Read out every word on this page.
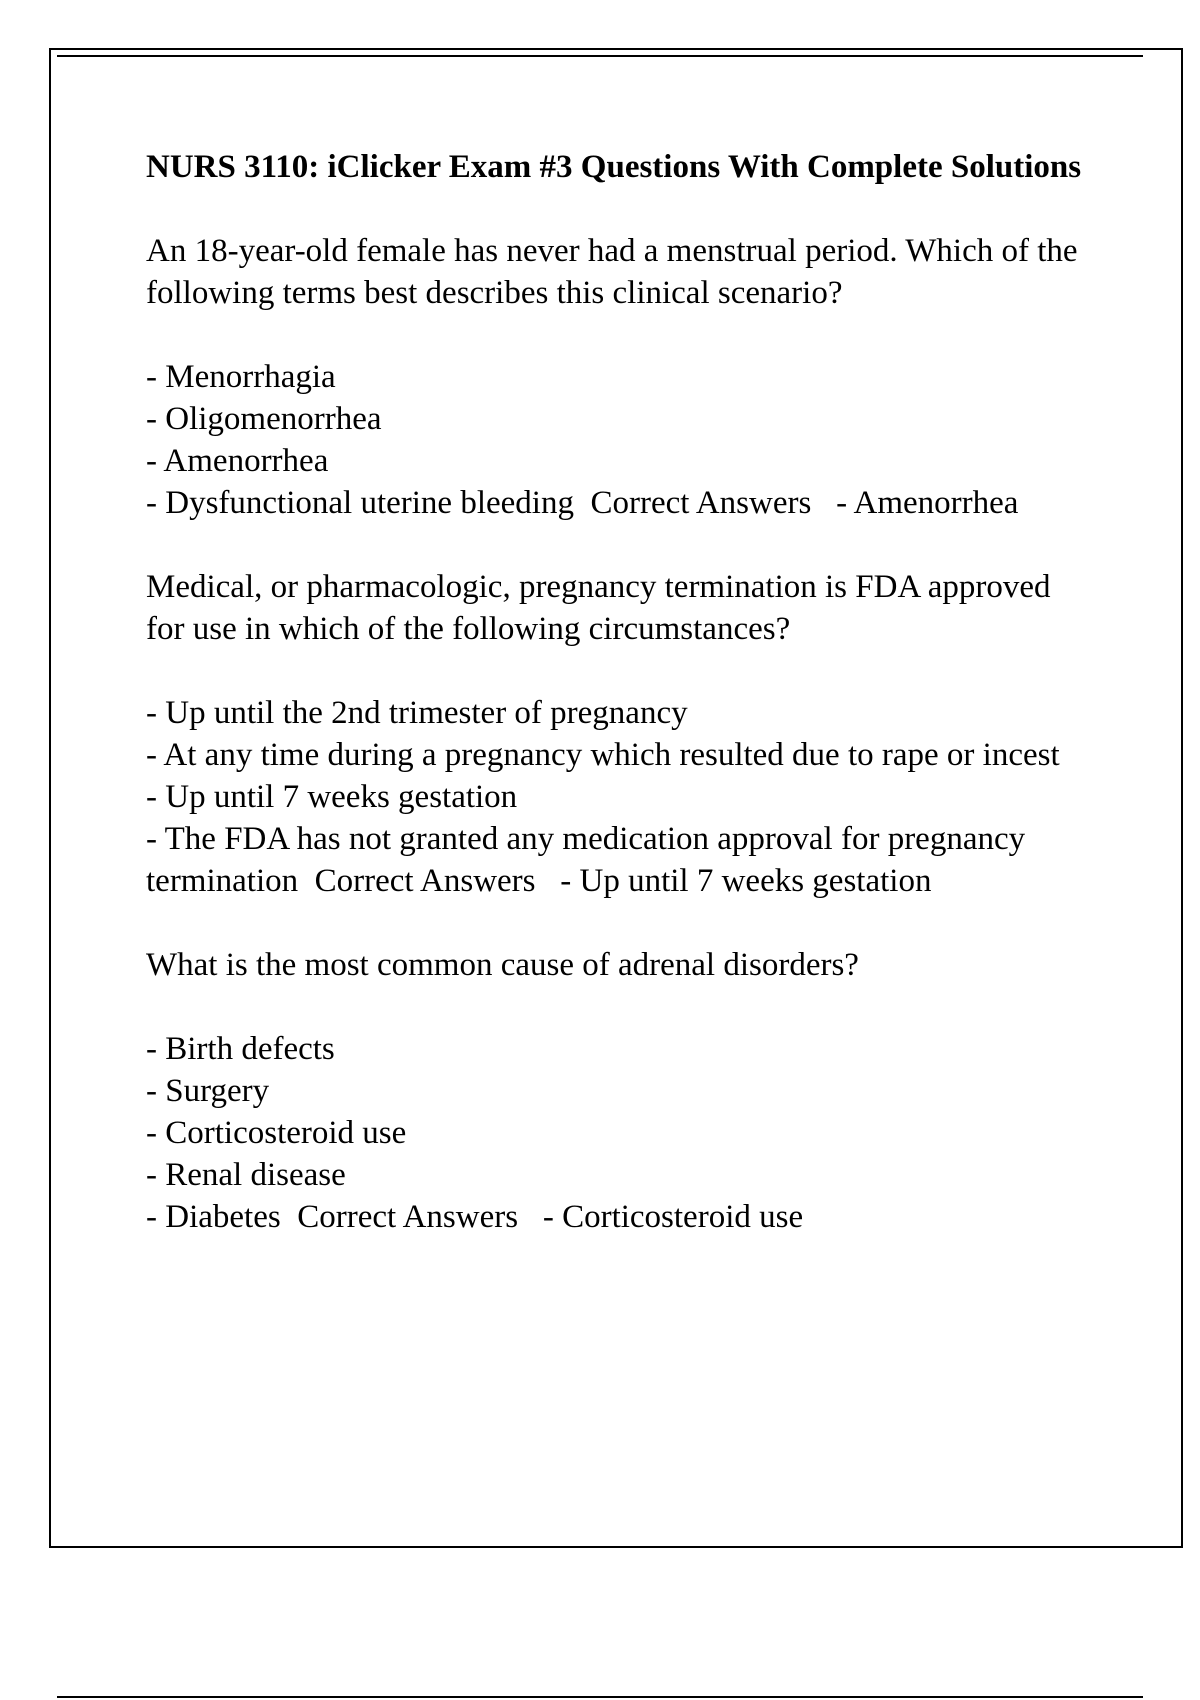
NURS 3110: iClicker Exam #3 Questions With Complete Solutions
An 18-year-old female has never had a menstrual period. Which of the following terms best describes this clinical scenario?
- Menorrhagia
- Oligomenorrhea
- Amenorrhea
- Dysfunctional uterine bleeding Correct Answers - Amenorrhea
Medical, or pharmacologic, pregnancy termination is FDA approved for use in which of the following circumstances?
- Up until the 2nd trimester of pregnancy
- At any time during a pregnancy which resulted due to rape or incest
- Up until 7 weeks gestation
- The FDA has not granted any medication approval for pregnancy termination Correct Answers - Up until 7 weeks gestation
What is the most common cause of adrenal disorders?
- Birth defects
- Surgery
- Corticosteroid use
- Renal disease
- Diabetes Correct Answers - Corticosteroid use
